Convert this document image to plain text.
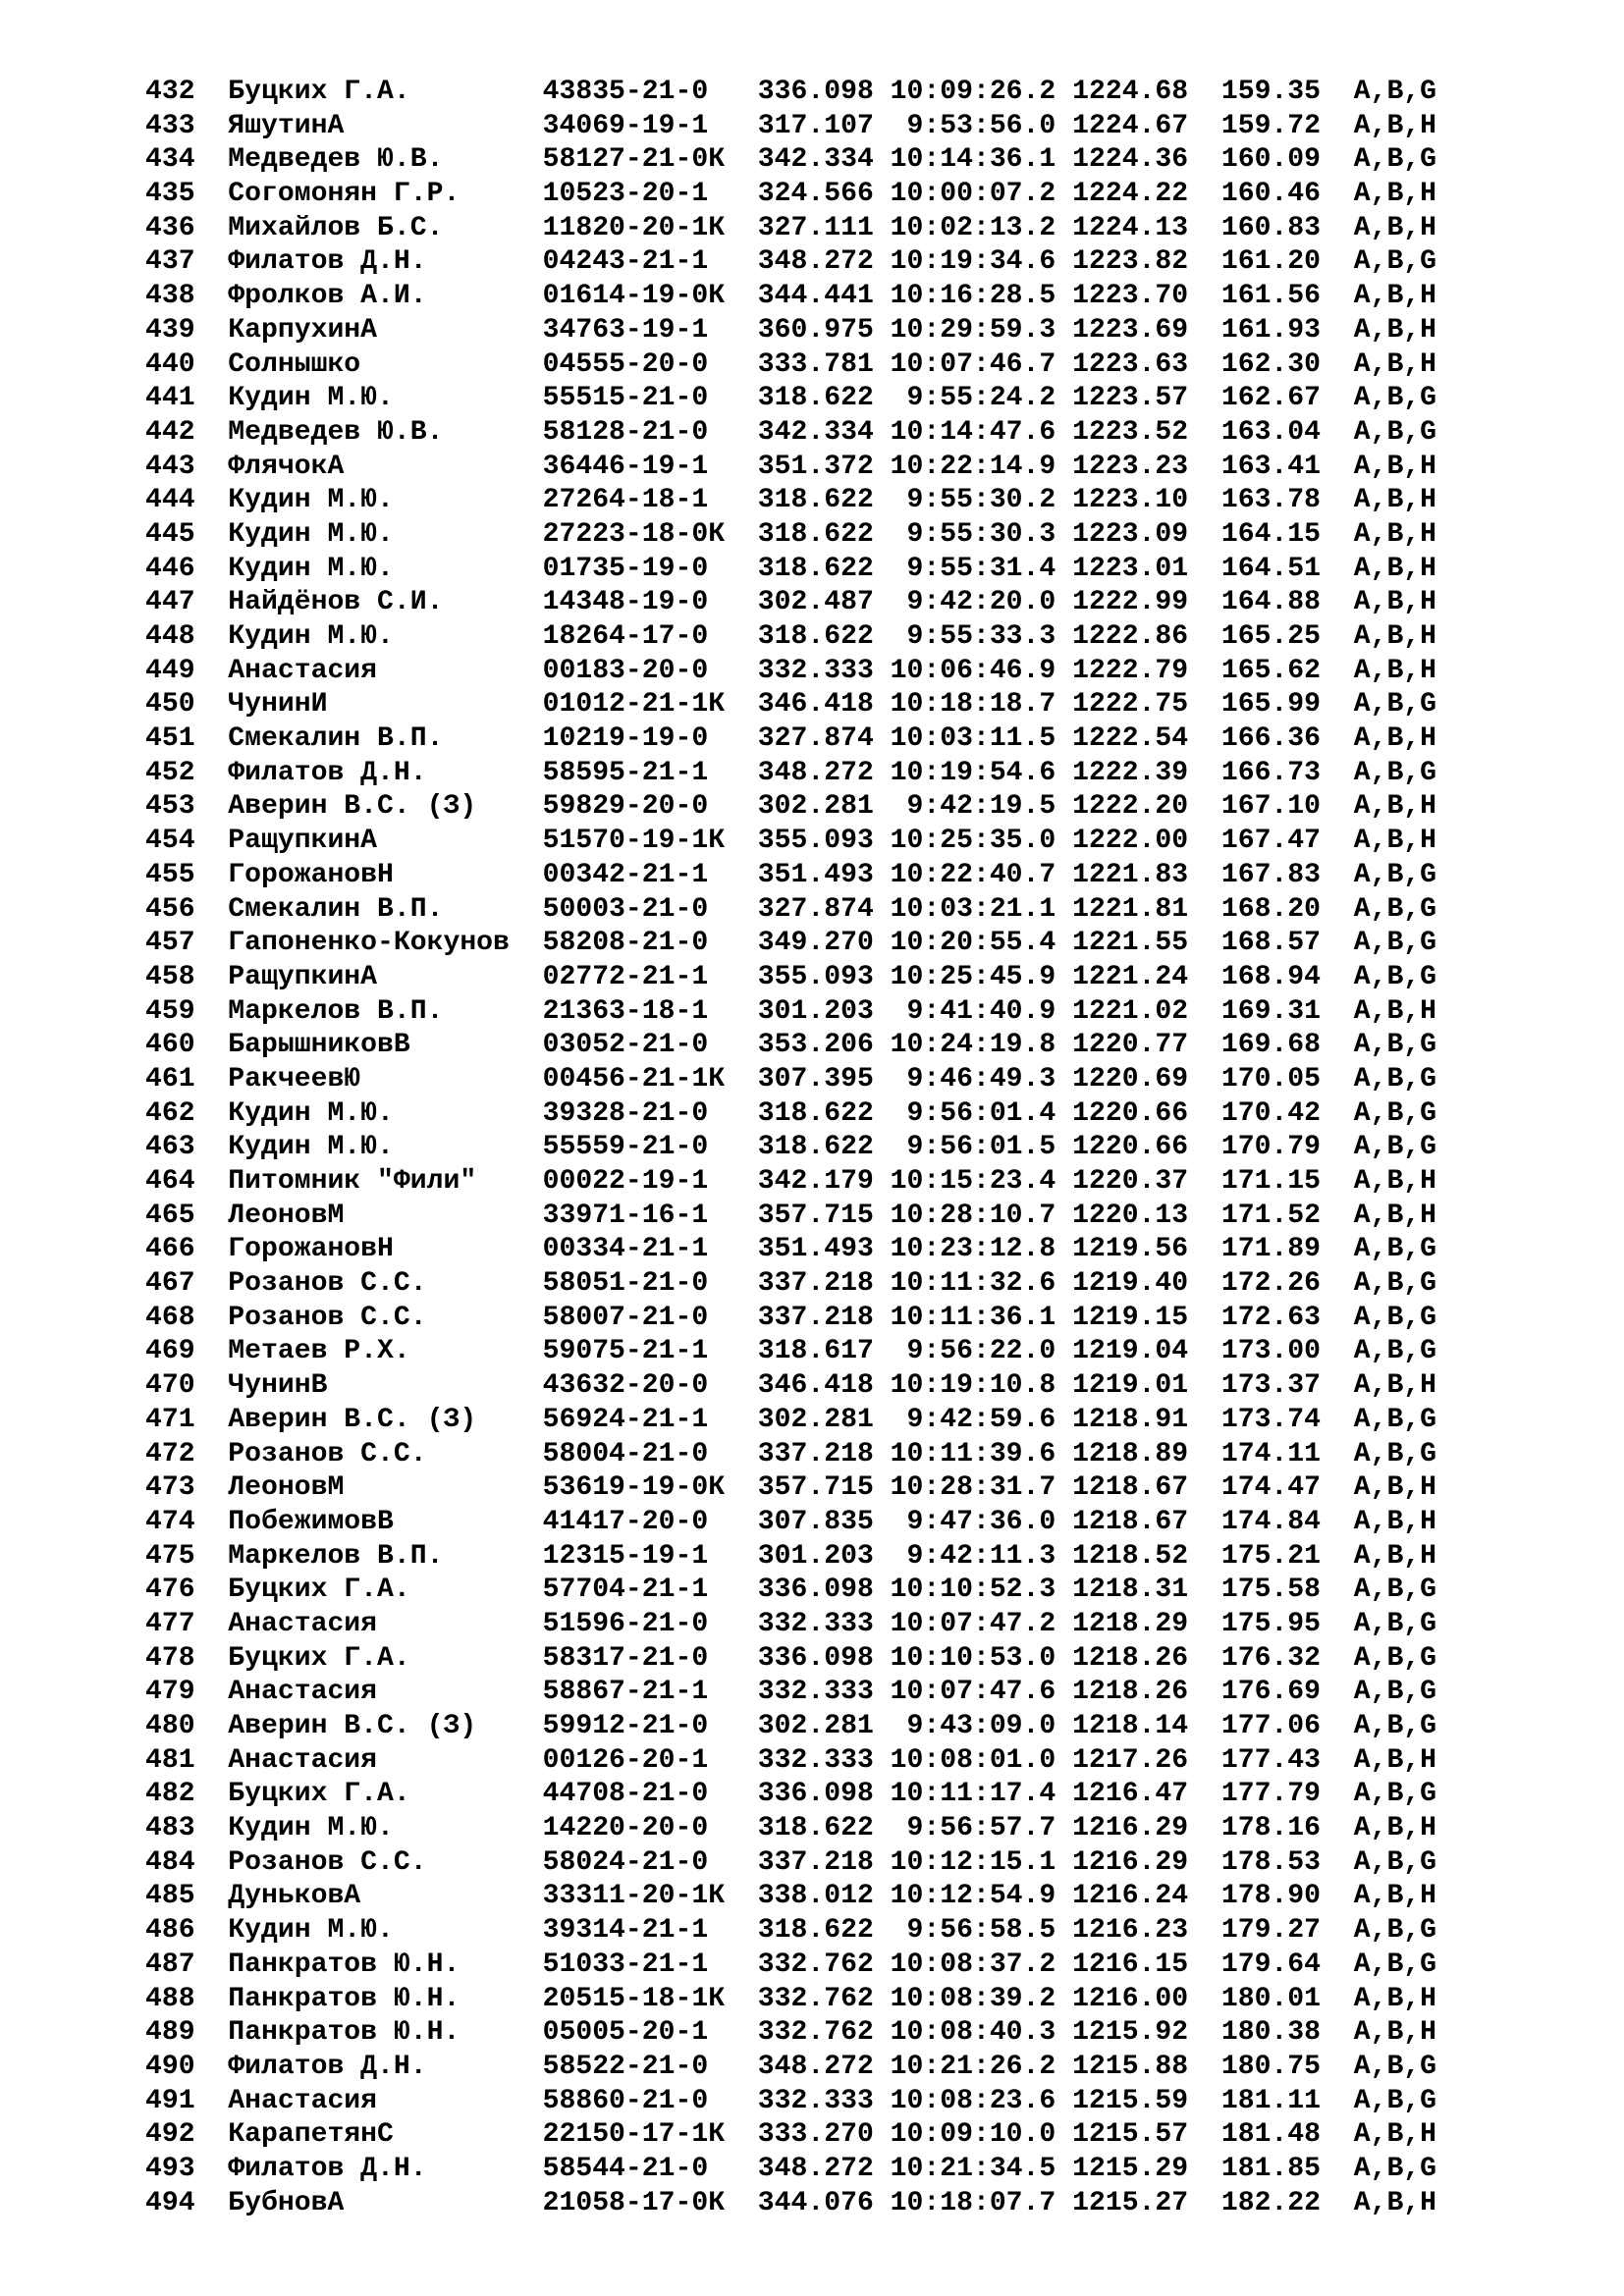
432 Буцких Г.А.	43835-21-0 336.098 10:09:26.2 1224.68 159.35 A,B,G
433 ЯшутинА	34069-19-1 317.107 9:53:56.0 1224.67 159.72 A,B,H
434 Медведев Ю.В.	58127-21-0К 342.334 10:14:36.1 1224.36 160.09 A,B,G
435 Согомонян Г.Р.	10523-20-1 324.566 10:00:07.2 1224.22 160.46 A,B,H
436 Михайлов Б.С.	11820-20-1К 327.111 10:02:13.2 1224.13 160.83 A,B,H
437 Филатов Д.Н.	04243-21-1 348.272 10:19:34.6 1223.82 161.20 A,B,G
438 Фролков А.И.	01614-19-0К 344.441 10:16:28.5 1223.70 161.56 A,B,H
439 КарпухинА	34763-19-1 360.975 10:29:59.3 1223.69 161.93 A,B,H
440 Солнышко	04555-20-0 333.781 10:07:46.7 1223.63 162.30 A,B,H
441 Кудин М.Ю.	55515-21-0 318.622 9:55:24.2 1223.57 162.67 A,B,G
442 Медведев Ю.В.	58128-21-0 342.334 10:14:47.6 1223.52 163.04 A,B,G
443 ФлячокА	36446-19-1 351.372 10:22:14.9 1223.23 163.41 A,B,H
444 Кудин М.Ю.	27264-18-1 318.622 9:55:30.2 1223.10 163.78 A,B,H
445 Кудин М.Ю.	27223-18-0К 318.622 9:55:30.3 1223.09 164.15 A,B,H
446 Кудин М.Ю.	01735-19-0 318.622 9:55:31.4 1223.01 164.51 A,B,H
447 Найдёнов С.И.	14348-19-0 302.487 9:42:20.0 1222.99 164.88 A,B,H
448 Кудин М.Ю.	18264-17-0 318.622 9:55:33.3 1222.86 165.25 A,B,H
449 Анастасия	00183-20-0 332.333 10:06:46.9 1222.79 165.62 A,B,H
450 ЧунинИ	01012-21-1К 346.418 10:18:18.7 1222.75 165.99 A,B,G
451 Смекалин В.П.	10219-19-0 327.874 10:03:11.5 1222.54 166.36 A,B,H
452 Филатов Д.Н.	58595-21-1 348.272 10:19:54.6 1222.39 166.73 A,B,G
453 Аверин В.С. (З) 59829-20-0 302.281 9:42:19.5 1222.20 167.10 A,B,H
454 РащупкинА	51570-19-1К 355.093 10:25:35.0 1222.00 167.47 A,B,H
455 ГорожановН	00342-21-1 351.493 10:22:40.7 1221.83 167.83 A,B,G
456 Смекалин В.П.	50003-21-0 327.874 10:03:21.1 1221.81 168.20 A,B,G
457 Гапоненко-Кокунов 58208-21-0 349.270 10:20:55.4 1221.55 168.57 A,B,G
458 РащупкинА	02772-21-1 355.093 10:25:45.9 1221.24 168.94 A,B,G
459 Маркелов В.П.	21363-18-1 301.203 9:41:40.9 1221.02 169.31 A,B,H
460 БарышниковВ	03052-21-0 353.206 10:24:19.8 1220.77 169.68 A,B,G
461 РакчеевЮ	00456-21-1К 307.395 9:46:49.3 1220.69 170.05 A,B,G
462 Кудин М.Ю.	39328-21-0 318.622 9:56:01.4 1220.66 170.42 A,B,G
463 Кудин М.Ю.	55559-21-0 318.622 9:56:01.5 1220.66 170.79 A,B,G
464 Питомник "Фили" 00022-19-1 342.179 10:15:23.4 1220.37 171.15 A,B,H
465 ЛеоновМ	33971-16-1 357.715 10:28:10.7 1220.13 171.52 A,B,H
466 ГорожановН	00334-21-1 351.493 10:23:12.8 1219.56 171.89 A,B,G
467 Розанов С.С.	58051-21-0 337.218 10:11:32.6 1219.40 172.26 A,B,G
468 Розанов С.С.	58007-21-0 337.218 10:11:36.1 1219.15 172.63 A,B,G
469 Метаев Р.Х.	59075-21-1 318.617 9:56:22.0 1219.04 173.00 A,B,G
470 ЧунинВ	43632-20-0 346.418 10:19:10.8 1219.01 173.37 A,B,H
471 Аверин В.С. (З) 56924-21-1 302.281 9:42:59.6 1218.91 173.74 A,B,G
472 Розанов С.С.	58004-21-0 337.218 10:11:39.6 1218.89 174.11 A,B,G
473 ЛеоновМ	53619-19-0К 357.715 10:28:31.7 1218.67 174.47 A,B,H
474 ПобежимовВ	41417-20-0 307.835 9:47:36.0 1218.67 174.84 A,B,H
475 Маркелов В.П.	12315-19-1 301.203 9:42:11.3 1218.52 175.21 A,B,H
476 Буцких Г.А.	57704-21-1 336.098 10:10:52.3 1218.31 175.58 A,B,G
477 Анастасия	51596-21-0 332.333 10:07:47.2 1218.29 175.95 A,B,G
478 Буцких Г.А.	58317-21-0 336.098 10:10:53.0 1218.26 176.32 A,B,G
479 Анастасия	58867-21-1 332.333 10:07:47.6 1218.26 176.69 A,B,G
480 Аверин В.С. (З) 59912-21-0 302.281 9:43:09.0 1218.14 177.06 A,B,G
481 Анастасия	00126-20-1 332.333 10:08:01.0 1217.26 177.43 A,B,H
482 Буцких Г.А.	44708-21-0 336.098 10:11:17.4 1216.47 177.79 A,B,G
483 Кудин М.Ю.	14220-20-0 318.622 9:56:57.7 1216.29 178.16 A,B,H
484 Розанов С.С.	58024-21-0 337.218 10:12:15.1 1216.29 178.53 A,B,G
485 ДуньковА	33311-20-1К 338.012 10:12:54.9 1216.24 178.90 A,B,H
486 Кудин М.Ю.	39314-21-1 318.622 9:56:58.5 1216.23 179.27 A,B,G
487 Панкратов Ю.Н.	51033-21-1 332.762 10:08:37.2 1216.15 179.64 A,B,G
488 Панкратов Ю.Н.	20515-18-1К 332.762 10:08:39.2 1216.00 180.01 A,B,H
489 Панкратов Ю.Н.	05005-20-1 332.762 10:08:40.3 1215.92 180.38 A,B,H
490 Филатов Д.Н.	58522-21-0 348.272 10:21:26.2 1215.88 180.75 A,B,G
491 Анастасия	58860-21-0 332.333 10:08:23.6 1215.59 181.11 A,B,G
492 КарапетянС	22150-17-1К 333.270 10:09:10.0 1215.57 181.48 A,B,H
493 Филатов Д.Н.	58544-21-0 348.272 10:21:34.5 1215.29 181.85 A,B,G
494 БубновА	21058-17-0К 344.076 10:18:07.7 1215.27 182.22 A,B,H
